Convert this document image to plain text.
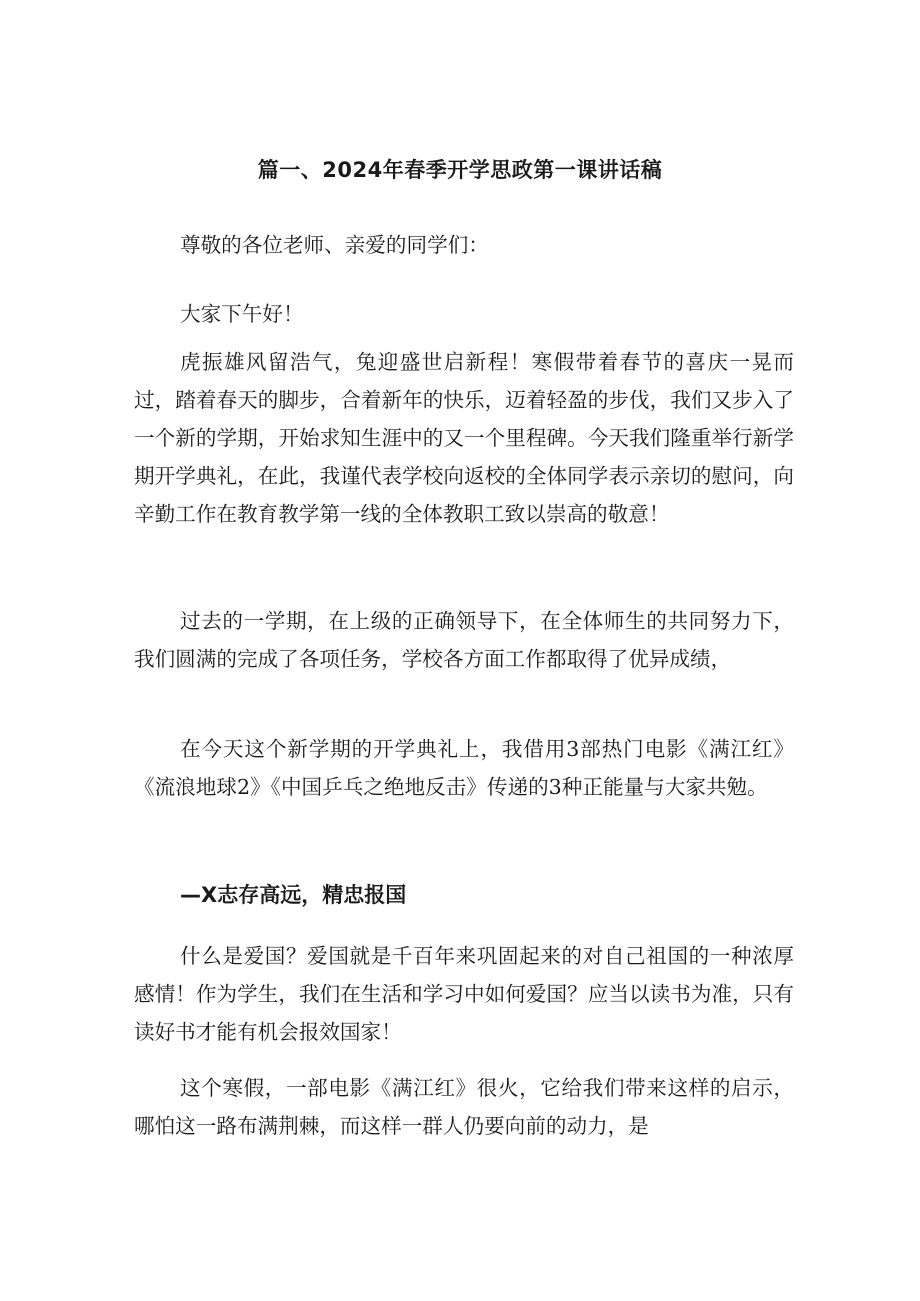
篇一、2024年春季开学思政第一课讲话稿
尊敬的各位老师、亲爱的同学们：
大家下午好！
虎振雄风留浩气，兔迎盛世启新程！寒假带着春节的喜庆一晃而过，踏着春天的脚步，合着新年的快乐，迈着轻盈的步伐，我们又步入了一个新的学期，开始求知生涯中的又一个里程碑。今天我们隆重举行新学期开学典礼，在此，我谨代表学校向返校的全体同学表示亲切的慰问，向辛勤工作在教育教学第一线的全体教职工致以崇高的敬意！
过去的一学期，在上级的正确领导下，在全体师生的共同努力下，我们圆满的完成了各项任务，学校各方面工作都取得了优异成绩，
在今天这个新学期的开学典礼上，我借用3部热门电影《满江红》《流浪地球2》《中国乒乓之绝地反击》传递的3种正能量与大家共勉。
—X志存高远，精忠报国
什么是爱国？爱国就是千百年来巩固起来的对自己祖国的一种浓厚感情！作为学生，我们在生活和学习中如何爱国？应当以读书为准，只有读好书才能有机会报效国家！
这个寒假，一部电影《满江红》很火，它给我们带来这样的启示，哪怕这一路布满荆棘，而这样一群人仍要向前的动力，是
